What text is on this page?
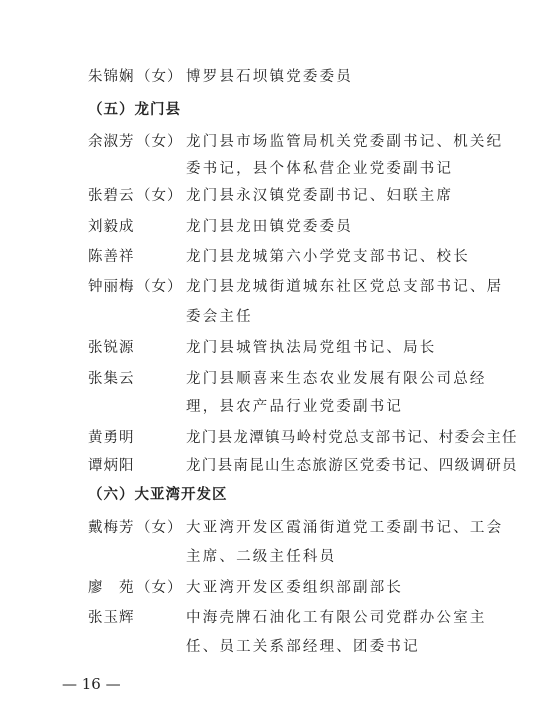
朱锦娴 （女） 博罗县石坝镇党委委员
（五）龙门县
余淑芳 （女） 龙门县市场监管局机关党委副书记、机关纪
委书记，县个体私营企业党委副书记
张碧云 （女） 龙门县永汉镇党委副书记、妇联主席
刘毅成	龙门县龙田镇党委委员
陈善祥	龙门县龙城第六小学党支部书记、校长
钟丽梅 （女） 龙门县龙城街道城东社区党总支部书记、居
委会主任
张锐源	龙门县城管执法局党组书记、局长
张集云	龙门县顺喜来生态农业发展有限公司总经
理，县农产品行业党委副书记
黄勇明	龙门县龙潭镇马岭村党总支部书记、村委会主任
谭炳阳	龙门县南昆山生态旅游区党委书记、四级调研员
（六）大亚湾开发区
戴梅芳 （女） 大亚湾开发区霞涌街道党工委副书记、工会
主席、二级主任科员
廖　苑 （女） 大亚湾开发区委组织部副部长
张玉辉	中海壳牌石油化工有限公司党群办公室主
任、员工关系部经理、团委书记
— 16 —
